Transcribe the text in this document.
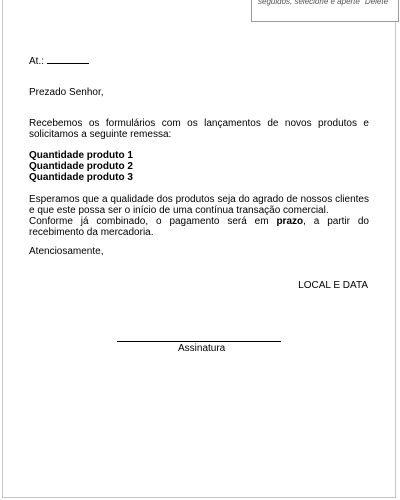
seguidos, selecione e aperte "Delete"

At.:

Prezado Senhor,

Recebemos os formulários com os lançamentos de novos produtos e solicitamos a seguinte remessa:

Quantidade produto 1
Quantidade produto 2
Quantidade produto 3
Esperamos que a qualidade dos produtos seja do agrado de nossos clientes e que este possa ser o início de uma contínua transação comercial.
Conforme já combinado, o pagamento será em prazo, a partir do recebimento da mercadoria.

Atenciosamente,

LOCAL E DATA

Assinatura
